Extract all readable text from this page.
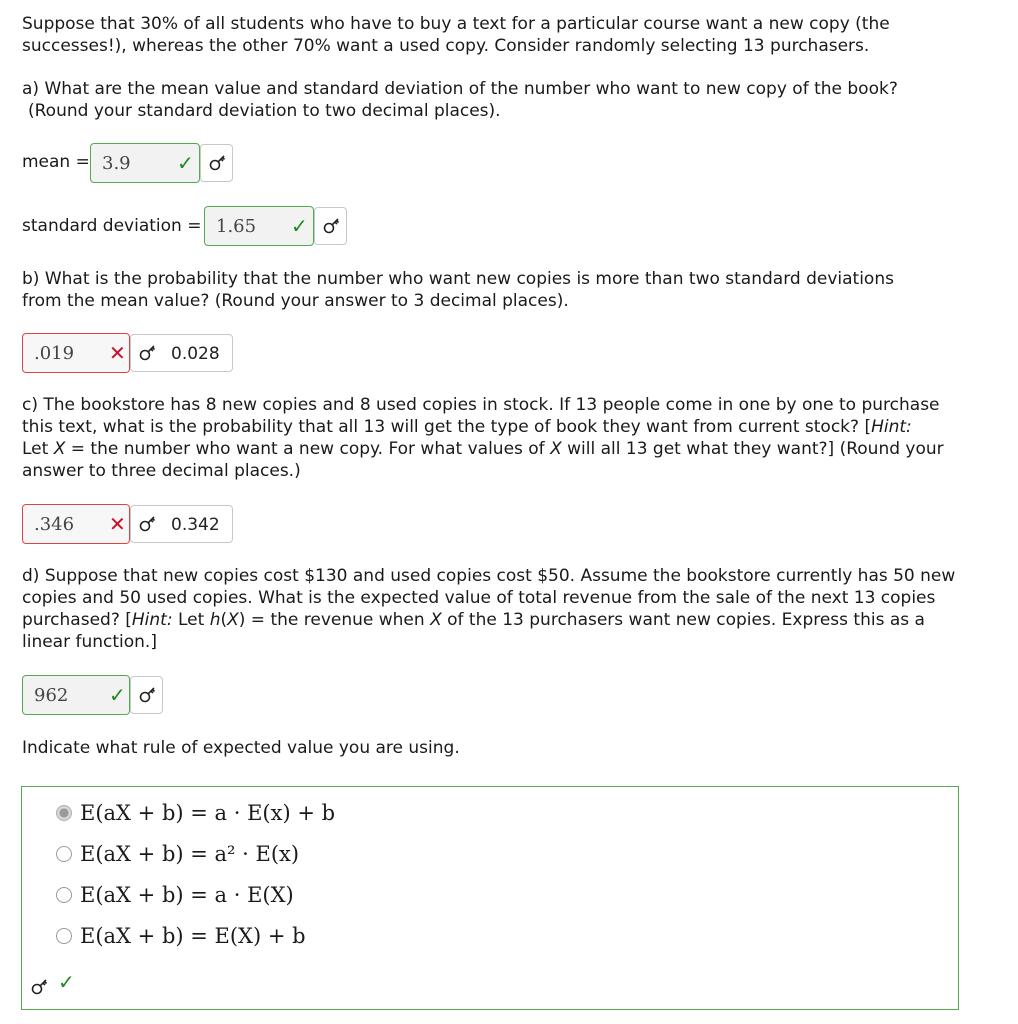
Suppose that 30% of all students who have to buy a text for a particular course want a new copy (the successes!), whereas the other 70% want a used copy. Consider randomly selecting 13 purchasers.

a) What are the mean value and standard deviation of the number who want to new copy of the book?

(Round your standard deviation to two decimal places).

mean = 3.9 ✓
standard deviation = 1.65 ✓

b) What is the probability that the number who want new copies is more than two standard deviations

from the mean value? (Round your answer to 3 decimal places).

.019 ✕	0.028

c) The bookstore has 8 new copies and 8 used copies in stock. If 13 people come in one by one to purchase

this text, what is the probability that all 13 will get the type of book they want from current stock? [Hint:

Let X = the number who want a new copy. For what values of X will all 13 get what they want?] (Round your

answer to three decimal places.)

.346 ✕	0.342

d) Suppose that new copies cost $130 and used copies cost $50. Assume the bookstore currently has 50 new

copies and 50 used copies. What is the expected value of total revenue from the sale of the next 13 copies

purchased? [Hint: Let h(X) = the revenue when X of the 13 purchasers want new copies. Express this as a

linear function.]

962 ✓

Indicate what rule of expected value you are using.

E(aX + b) = a · E(x) + b
E(aX + b) = a² · E(x)
E(aX + b) = a · E(X)
E(aX + b) = E(X) + b
✓
